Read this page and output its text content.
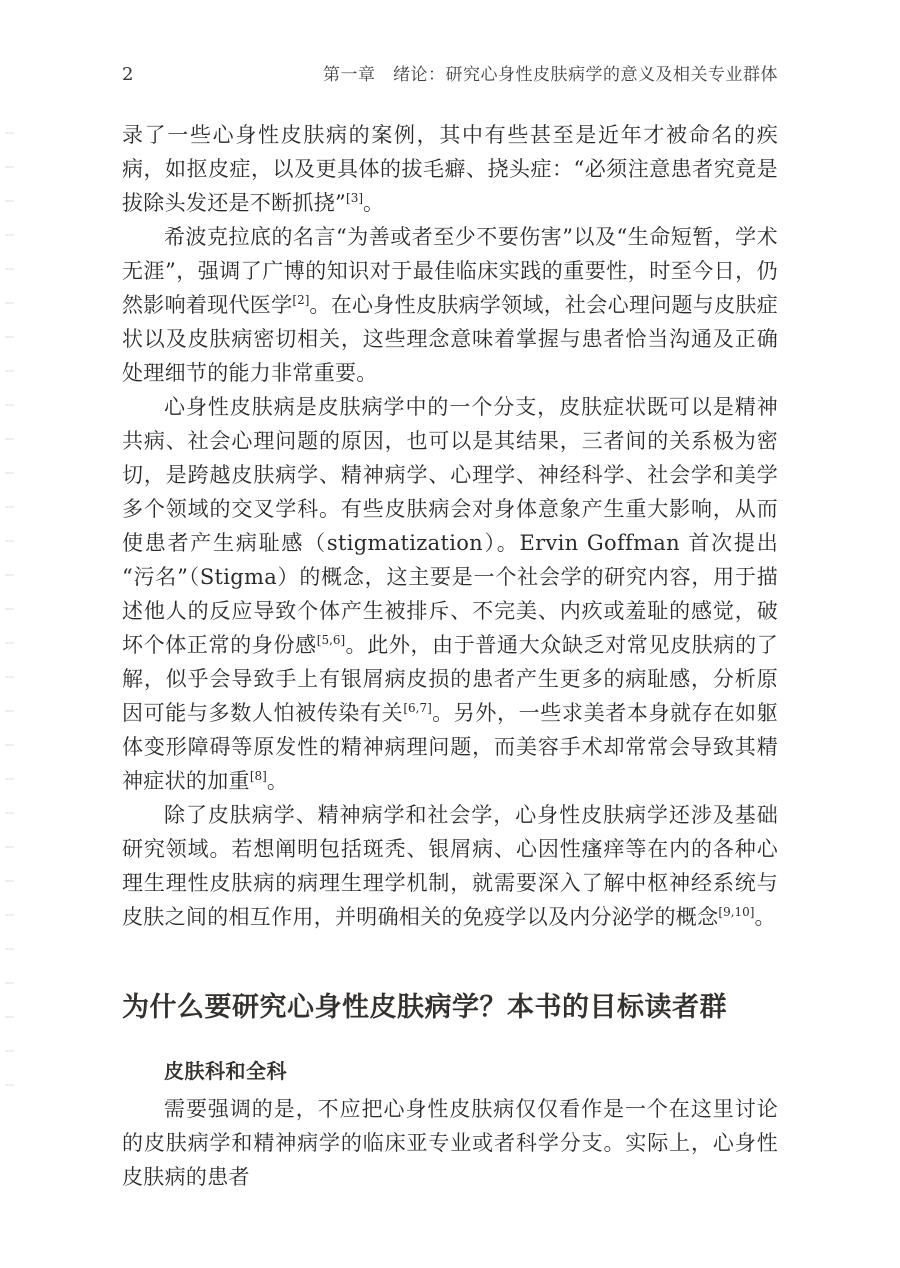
2	第一章　绪论：研究心身性皮肤病学的意义及相关专业群体

录了一些心身性皮肤病的案例，其中有些甚至是近年才被命名的疾病，如抠皮症，以及更具体的拔毛癖、挠头症：“必须注意患者究竟是拔除头发还是不断抓挠”[3]。

希波克拉底的名言“为善或者至少不要伤害”以及“生命短暂，学术无涯”，强调了广博的知识对于最佳临床实践的重要性，时至今日，仍然影响着现代医学[2]。在心身性皮肤病学领域，社会心理问题与皮肤症状以及皮肤病密切相关，这些理念意味着掌握与患者恰当沟通及正确处理细节的能力非常重要。

心身性皮肤病是皮肤病学中的一个分支，皮肤症状既可以是精神共病、社会心理问题的原因，也可以是其结果，三者间的关系极为密切，是跨越皮肤病学、精神病学、心理学、神经科学、社会学和美学多个领域的交叉学科。有些皮肤病会对身体意象产生重大影响，从而使患者产生病耻感（stigmatization）。Ervin Goffman 首次提出“污名”（Stigma）的概念，这主要是一个社会学的研究内容，用于描述他人的反应导致个体产生被排斥、不完美、内疚或羞耻的感觉，破坏个体正常的身份感[5,6]。此外，由于普通大众缺乏对常见皮肤病的了解，似乎会导致手上有银屑病皮损的患者产生更多的病耻感，分析原因可能与多数人怕被传染有关[6,7]。另外，一些求美者本身就存在如躯体变形障碍等原发性的精神病理问题，而美容手术却常常会导致其精神症状的加重[8]。

除了皮肤病学、精神病学和社会学，心身性皮肤病学还涉及基础研究领域。若想阐明包括斑秃、银屑病、心因性瘙痒等在内的各种心理生理性皮肤病的病理生理学机制，就需要深入了解中枢神经系统与皮肤之间的相互作用，并明确相关的免疫学以及内分泌学的概念[9,10]。

为什么要研究心身性皮肤病学？本书的目标读者群
皮肤科和全科

需要强调的是，不应把心身性皮肤病仅仅看作是一个在这里讨论的皮肤病学和精神病学的临床亚专业或者科学分支。实际上，心身性皮肤病的患者
